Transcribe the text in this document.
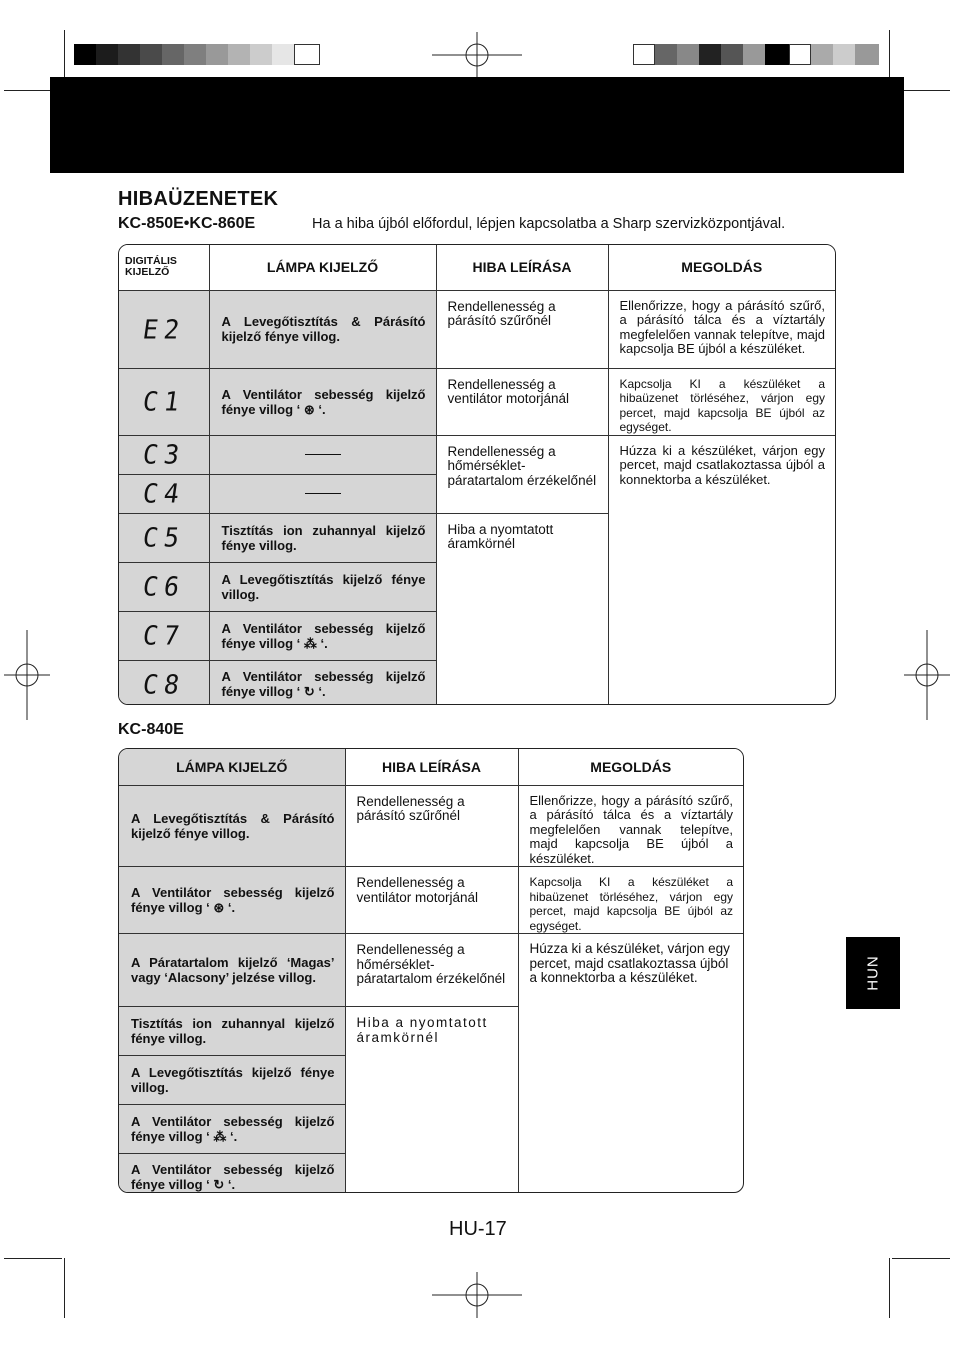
HIBAÜZENETEK
KC-850E•KC-860E	Ha a hiba újból előfordul, lépjen kapcsolatba a Sharp szervizközpontjával.
DIGITÁLIS KIJELZŐ	LÁMPA KIJELZŐ	HIBA LEÍRÁSA	MEGOLDÁS
E2	A Levegőtisztítás & Párásító kijelző fénye villog.	Rendellenesség a párásító szűrőnél	Ellenőrizze, hogy a párásító szűrő, a párásító tálca és a víztartály megfelelően vannak telepítve, majd kapcsolja BE újból a készüléket.
C1	A Ventilátor sebesség kijelző fénye villog ‘ ⊛ ‘.	Rendellenesség a ventilátor motorjánál	Kapcsolja KI a készüléket a hibaüzenet törléséhez, várjon egy percet, majd kapcsolja BE újból az egységet.
C3		Rendellenesség a hőmérséklet-páratartalom érzékelőnél	Húzza ki a készüléket, várjon egy percet, majd csatlakoztassa újból a konnektorba a készüléket.
C4			

C5	Tisztítás ion zuhannyal kijelző fénye villog.	Hiba a nyomtatott áramkörnél	
C6	A Levegőtisztítás kijelző fénye villog.		
C7	A Ventilátor sebesség kijelző fénye villog ‘ ⁂ ‘.		
C8	A Ventilátor sebesség kijelző fénye villog ‘ ↻ ‘.		
KC-840E
LÁMPA KIJELZŐ	HIBA LEÍRÁSA	MEGOLDÁS
A Levegőtisztítás & Párásító kijelző fénye villog.	Rendellenesség a párásító szűrőnél	Ellenőrizze, hogy a párásító szűrő, a párásító tálca és a víztartály megfelelően vannak telepítve, majd kapcsolja BE újból a készüléket.
A Ventilátor sebesség kijelző fénye villog ‘ ⊛ ‘.	Rendellenesség a ventilátor motorjánál	Kapcsolja KI a készüléket a hibaüzenet törléséhez, várjon egy percet, majd kapcsolja BE újból az egységet.
A Páratartalom kijelző ‘Magas’ vagy ‘Alacsony’ jelzése villog.	Rendellenesség a hőmérséklet-páratartalom érzékelőnél	Húzza ki a készüléket, várjon egy percet, majd csatlakoztassa újból a konnektorba a készüléket.
Tisztítás ion zuhannyal kijelző fénye villog.	Hiba a nyomtatott áramkörnél	
A Levegőtisztítás kijelző fénye villog.		
A Ventilátor sebesség kijelző fénye villog ‘ ⁂ ‘.		
A Ventilátor sebesség kijelző fénye villog ‘ ↻ ‘.		
HUN
HU-17
